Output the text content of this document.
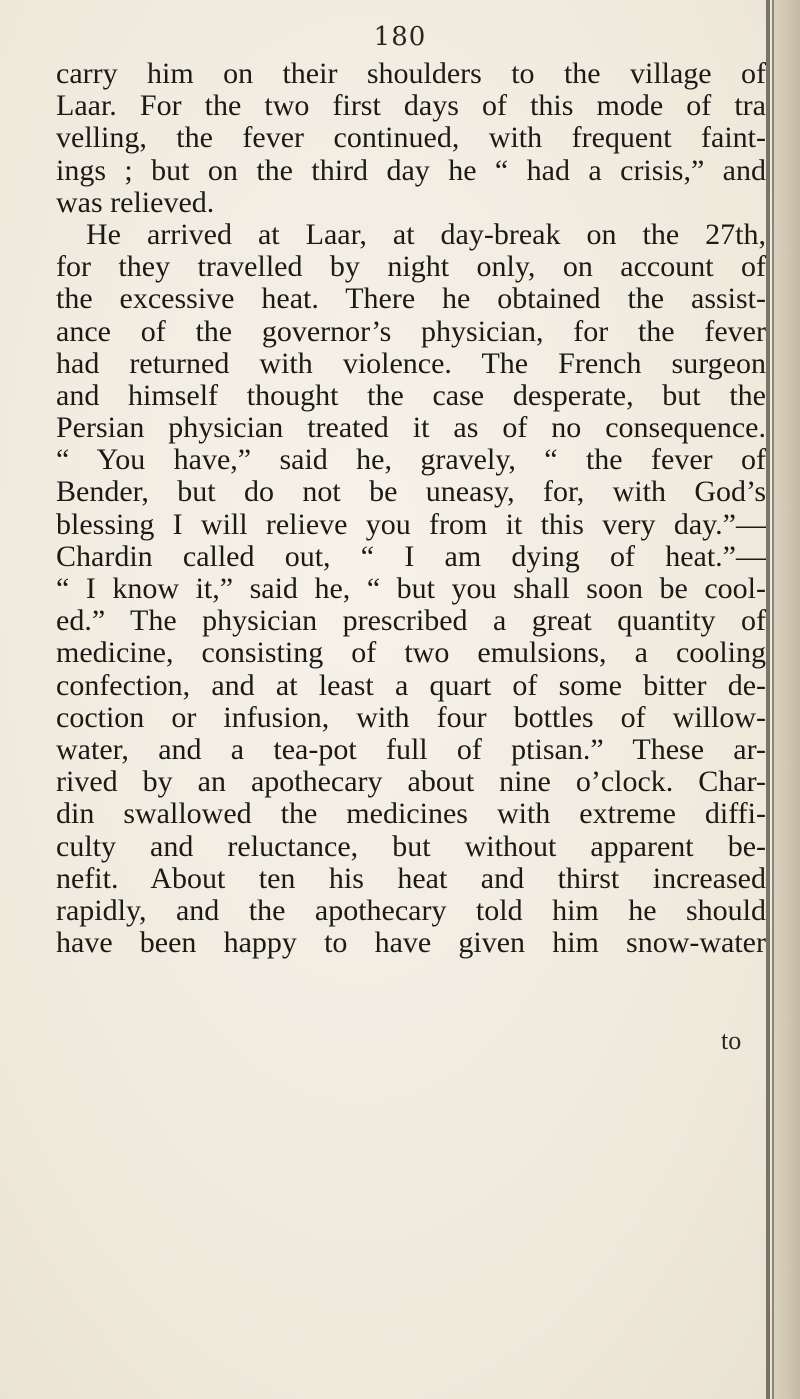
180
carry him on their shoulders to the village of
Laar. For the two first days of this mode of tra
velling, the fever continued, with frequent faint-
ings ; but on the third day he “ had a crisis,” and
was relieved.
He arrived at Laar, at day-break on the 27th,
for they travelled by night only, on account of
the excessive heat. There he obtained the assist-
ance of the governor’s physician, for the fever
had returned with violence. The French surgeon
and himself thought the case desperate, but the
Persian physician treated it as of no consequence.
“ You have,” said he, gravely, “ the fever of
Bender, but do not be uneasy, for, with God’s
blessing I will relieve you from it this very day.”—
Chardin called out, “ I am dying of heat.”—
“ I know it,” said he, “ but you shall soon be cool-
ed.” The physician prescribed a great quantity of
medicine, consisting of two emulsions, a cooling
confection, and at least a quart of some bitter de-
coction or infusion, with four bottles of willow-
water, and a tea-pot full of ptisan.” These ar-
rived by an apothecary about nine o’clock. Char-
din swallowed the medicines with extreme diffi-
culty and reluctance, but without apparent be-
nefit. About ten his heat and thirst increased
rapidly, and the apothecary told him he should
have been happy to have given him snow-water
to
